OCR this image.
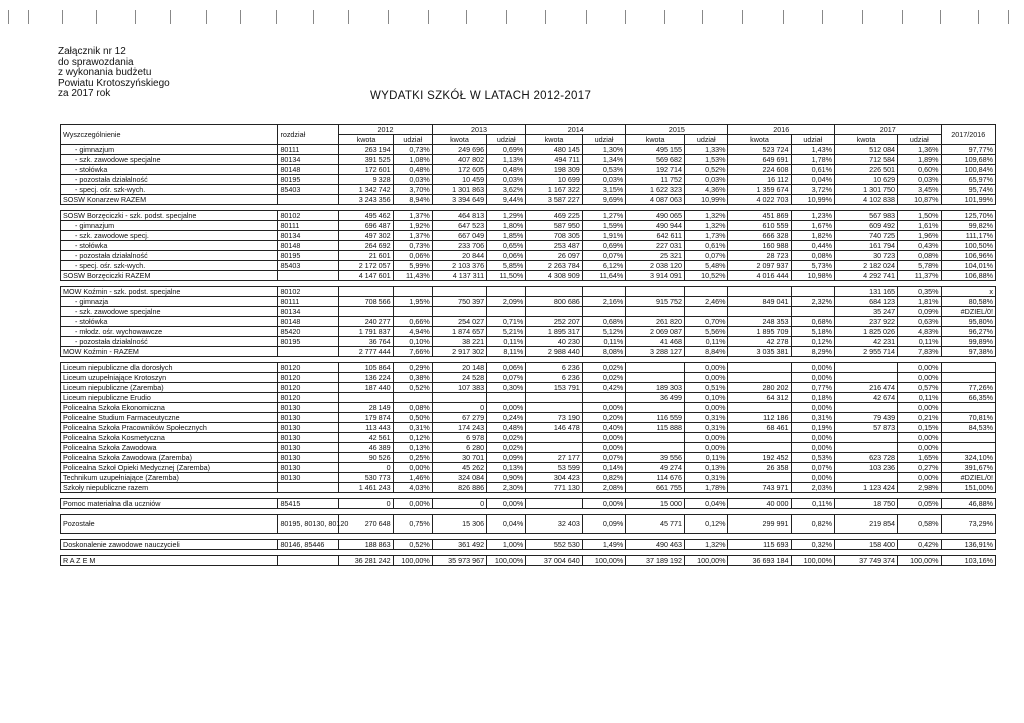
Załącznik nr 12
do sprawozdania
z wykonania budżetu
Powiatu Krotoszyńskiego
za 2017 rok	WYDATKI SZKÓŁ W LATACH 2012-2017
Wyszczególnienie	rozdział	2012		2013		2014		2015		2016		2017		2017/2016
		kwota	udział	kwota	udział	kwota	udział	kwota	udział	kwota	udział	kwota	udział	
- gimnazjum	80111	263 194	0,73%	249 696	0,69%	480 145	1,30%	495 155	1,33%	523 724	1,43%	512 084	1,36%	97,77%
- szk. zawodowe specjalne	80134	391 525	1,08%	407 802	1,13%	494 711	1,34%	569 682	1,53%	649 691	1,78%	712 584	1,89%	109,68%
- stołówka	80148	172 601	0,48%	172 605	0,48%	198 309	0,53%	192 714	0,52%	224 608	0,61%	226 501	0,60%	100,84%
- pozostała działalność	80195	9 328	0,03%	10 459	0,03%	10 699	0,03%	11 752	0,03%	16 112	0,04%	10 629	0,03%	65,97%
- specj. ośr. szk-wych.	85403	1 342 742	3,70%	1 301 863	3,62%	1 167 322	3,15%	1 622 323	4,36%	1 359 674	3,72%	1 301 750	3,45%	95,74%
SOSW Konarzew RAZEM		3 243 356	8,94%	3 394 649	9,44%	3 587 227	9,69%	4 087 063	10,99%	4 022 703	10,99%	4 102 838	10,87%	101,99%

SOSW Borzęciczki - szk. podst. specjalne	80102	495 462	1,37%	464 813	1,29%	469 225	1,27%	490 065	1,32%	451 869	1,23%	567 983	1,50%	125,70%
- gimnazjum	80111	696 487	1,92%	647 523	1,80%	587 950	1,59%	490 944	1,32%	610 559	1,67%	609 492	1,61%	99,82%
- szk. zawodowe specj.	80134	497 302	1,37%	667 049	1,85%	708 305	1,91%	642 611	1,73%	666 328	1,82%	740 725	1,96%	111,17%
- stołówka	80148	264 692	0,73%	233 706	0,65%	253 487	0,69%	227 031	0,61%	160 988	0,44%	161 794	0,43%	100,50%
- pozostała działalność	80195	21 601	0,06%	20 844	0,06%	26 097	0,07%	25 321	0,07%	28 723	0,08%	30 723	0,08%	106,96%
- specj. ośr. szk-wych.	85403	2 172 057	5,99%	2 103 376	5,85%	2 263 784	6,12%	2 038 120	5,48%	2 097 937	5,73%	2 182 024	5,78%	104,01%
SOSW Borzęciczki RAZEM		4 147 601	11,43%	4 137 311	11,50%	4 308 909	11,64%	3 914 091	10,52%	4 016 444	10,98%	4 292 741	11,37%	106,88%

MOW Koźmin - szk. podst. specjalne	80102											131 165	0,35%	x
- gimnazja	80111	708 566	1,95%	750 397	2,09%	800 686	2,16%	915 752	2,46%	849 041	2,32%	684 123	1,81%	80,58%
- szk. zawodowe specjalne	80134											35 247	0,09%	#DZIEL/0!
- stołówka	80148	240 277	0,66%	254 027	0,71%	252 207	0,68%	261 820	0,70%	248 353	0,68%	237 922	0,63%	95,80%
- młodz. ośr. wychowawcze	85420	1 791 837	4,94%	1 874 657	5,21%	1 895 317	5,12%	2 069 087	5,56%	1 895 709	5,18%	1 825 026	4,83%	96,27%
- pozostała działalność	80195	36 764	0,10%	38 221	0,11%	40 230	0,11%	41 468	0,11%	42 278	0,12%	42 231	0,11%	99,89%
MOW Koźmin - RAZEM		2 777 444	7,66%	2 917 302	8,11%	2 988 440	8,08%	3 288 127	8,84%	3 035 381	8,29%	2 955 714	7,83%	97,38%

Liceum niepubliczne dla dorosłych	80120	105 864	0,29%	20 148	0,06%	6 236	0,02%		0,00%		0,00%		0,00%	
Liceum uzupełniające Krotoszyn	80120	136 224	0,38%	24 528	0,07%	6 236	0,02%		0,00%		0,00%		0,00%	
Liceum niepubliczne (Zaremba)	80120	187 440	0,52%	107 383	0,30%	153 791	0,42%	189 303	0,51%	280 202	0,77%	216 474	0,57%	77,26%
Liceum niepubliczne Erudio	80120							36 499	0,10%	64 312	0,18%	42 674	0,11%	66,35%
Policealna Szkoła Ekonomiczna	80130	28 149	0,08%	0	0,00%		0,00%		0,00%		0,00%		0,00%	
Policealne Studium Farmaceutyczne	80130	179 874	0,50%	67 279	0,24%	73 190	0,20%	116 559	0,31%	112 186	0,31%	79 439	0,21%	70,81%
Policealna Szkoła Pracowników Społecznych	80130	113 443	0,31%	174 243	0,48%	146 478	0,40%	115 888	0,31%	68 461	0,19%	57 873	0,15%	84,53%
Policealna Szkoła Kosmetyczna	80130	42 561	0,12%	6 978	0,02%		0,00%		0,00%		0,00%		0,00%	
Policealna Szkoła Zawodowa	80130	46 389	0,13%	6 280	0,02%		0,00%		0,00%		0,00%		0,00%	
Policealna Szkoła Zawodowa (Zaremba)	80130	90 526	0,25%	30 701	0,09%	27 177	0,07%	39 556	0,11%	192 452	0,53%	623 728	1,65%	324,10%
Policealna Szkoł Opieki Medycznej (Zaremba)	80130	0	0,00%	45 262	0,13%	53 599	0,14%	49 274	0,13%	26 358	0,07%	103 236	0,27%	391,67%
Technikum uzupełniające (Zaremba)	80130	530 773	1,46%	324 084	0,90%	304 423	0,82%	114 676	0,31%		0,00%		0,00%	#DZIEL/0!
Szkoły niepubliczne razem		1 461 243	4,03%	826 886	2,30%	771 130	2,08%	661 755	1,78%	743 971	2,03%	1 123 424	2,98%	151,00%

Pomoc materialna dla uczniów	85415	0	0,00%	0	0,00%		0,00%	15 000	0,04%	40 000	0,11%	18 750	0,05%	46,88%

Pozostałe	80195, 80130, 80120	270 648	0,75%	15 306	0,04%	32 403	0,09%	45 771	0,12%	299 991	0,82%	219 854	0,58%	73,29%

Doskonalenie zawodowe nauczycieli	80146, 85446	188 863	0,52%	361 492	1,00%	552 530	1,49%	490 463	1,32%	115 693	0,32%	158 400	0,42%	136,91%

R A Z E M		36 281 242	100,00%	35 973 967	100,00%	37 004 640	100,00%	37 189 192	100,00%	36 693 184	100,00%	37 749 374	100,00%	103,16%
